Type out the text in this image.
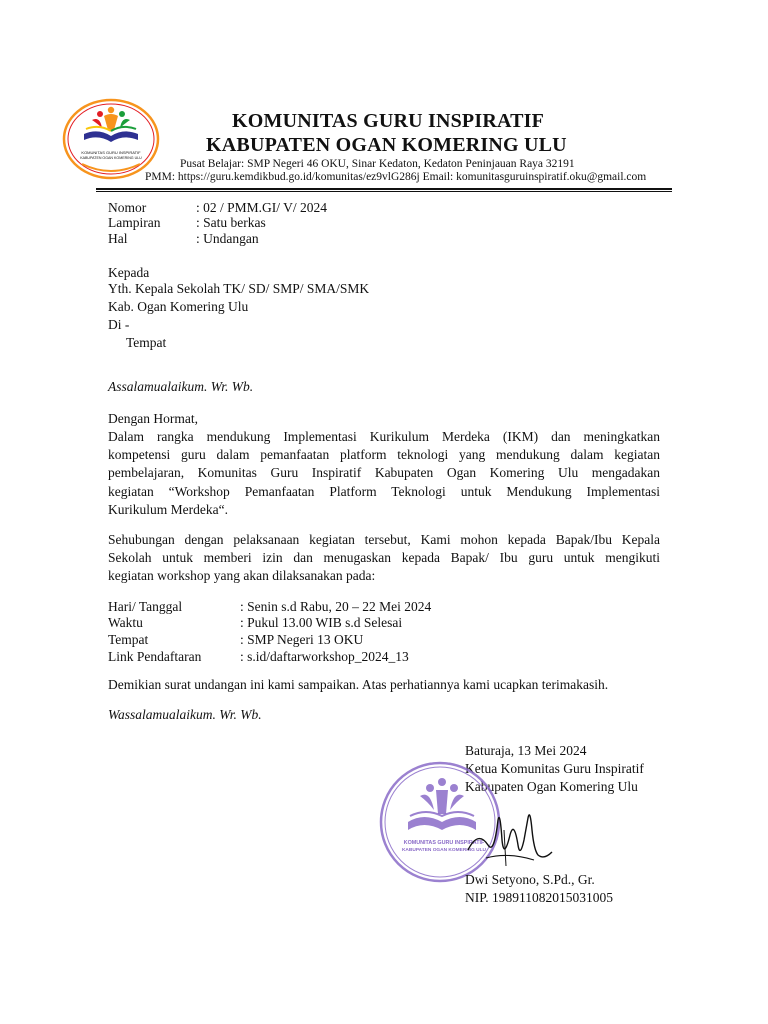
KOMUNITAS GURU INSPIRATIF
KABUPATEN OGAN KOMERING ULU
KOMUNITAS GURU INSPIRATIF
KABUPATEN OGAN KOMERING ULU
Pusat Belajar: SMP Negeri 46 OKU, Sinar Kedaton, Kedaton Peninjauan Raya 32191
PMM: https://guru.kemdikbud.go.id/komunitas/ez9vlG286j Email: komunitasguruinspiratif.oku@gmail.com
Nomor	: 02 / PMM.GI/ V/ 2024
Lampiran	: Satu berkas
Hal	: Undangan
Kepada
Yth. Kepala Sekolah TK/ SD/ SMP/ SMA/SMK
Kab. Ogan Komering Ulu
Di -
Tempat
Assalamualaikum. Wr. Wb.
Dengan Hormat,
Dalam rangka mendukung Implementasi Kurikulum Merdeka (IKM) dan meningkatkan
kompetensi guru dalam pemanfaatan platform teknologi yang mendukung dalam kegiatan
pembelajaran, Komunitas Guru Inspiratif Kabupaten Ogan Komering Ulu mengadakan
kegiatan “Workshop Pemanfaatan Platform Teknologi untuk Mendukung Implementasi
Kurikulum Merdeka“.
Sehubungan dengan pelaksanaan kegiatan tersebut, Kami mohon kepada Bapak/Ibu Kepala
Sekolah untuk memberi izin dan menugaskan kepada Bapak/ Ibu guru untuk mengikuti
kegiatan workshop yang akan dilaksanakan pada:
Hari/ Tanggal	: Senin s.d Rabu, 20 – 22 Mei 2024
Waktu	: Pukul 13.00 WIB s.d Selesai
Tempat	: SMP Negeri 13 OKU
Link Pendaftaran	: s.id/daftarworkshop_2024_13
Demikian surat undangan ini kami sampaikan. Atas perhatiannya kami ucapkan terimakasih.
Wassalamualaikum. Wr. Wb.
Baturaja, 13 Mei 2024
Ketua Komunitas Guru Inspiratif
Kabupaten Ogan Komering Ulu
KOMUNITAS GURU INSPIRATIF
KABUPATEN OGAN KOMERING ULU
Dwi Setyono, S.Pd., Gr.
NIP. 198911082015031005
